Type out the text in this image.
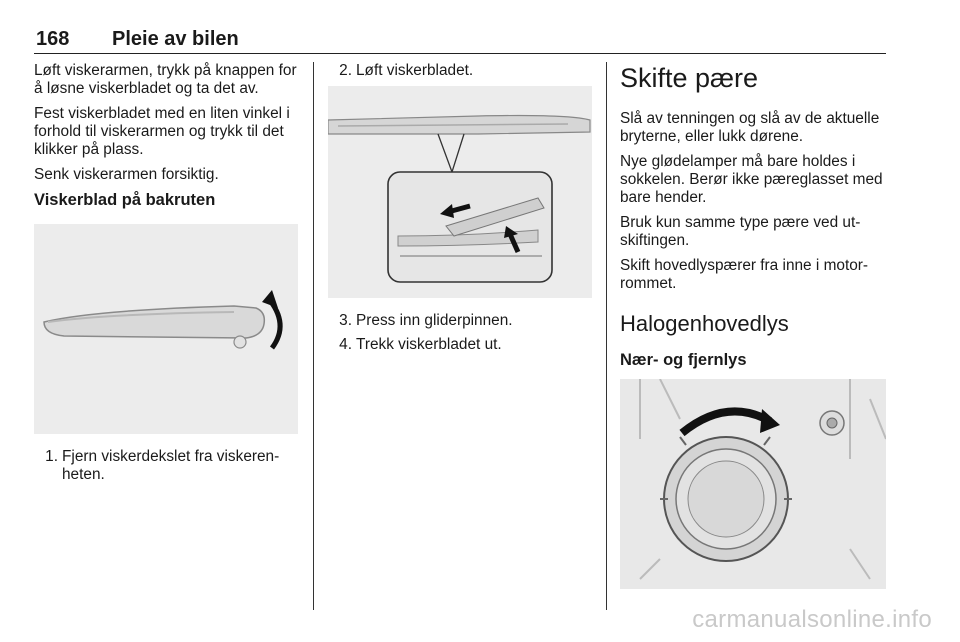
168 Pleie av bilen

Løft viskerarmen, trykk på knappen for å løsne viskerbladet og ta det av.

Fest viskerbladet med en liten vinkel i forhold til viskerarmen og trykk til det klikker på plass.

Senk viskerarmen forsiktig.

Viskerblad på bakruten
1. Fjern viskerdekslet fra viskeren-heten.
2. Løft viskerbladet.
3. Press inn gliderpinnen.
4. Trekk viskerbladet ut.
Skifte pære

Slå av tenningen og slå av de aktuelle bryterne, eller lukk dørene.

Nye glødelamper må bare holdes i sokkelen. Berør ikke pæreglasset med bare hender.

Bruk kun samme type pære ved ut-skiftingen.

Skift hovedlyspærer fra inne i motor-rommet.

Halogenhovedlys
Nær- og fjernlys
carmanualsonline.info
